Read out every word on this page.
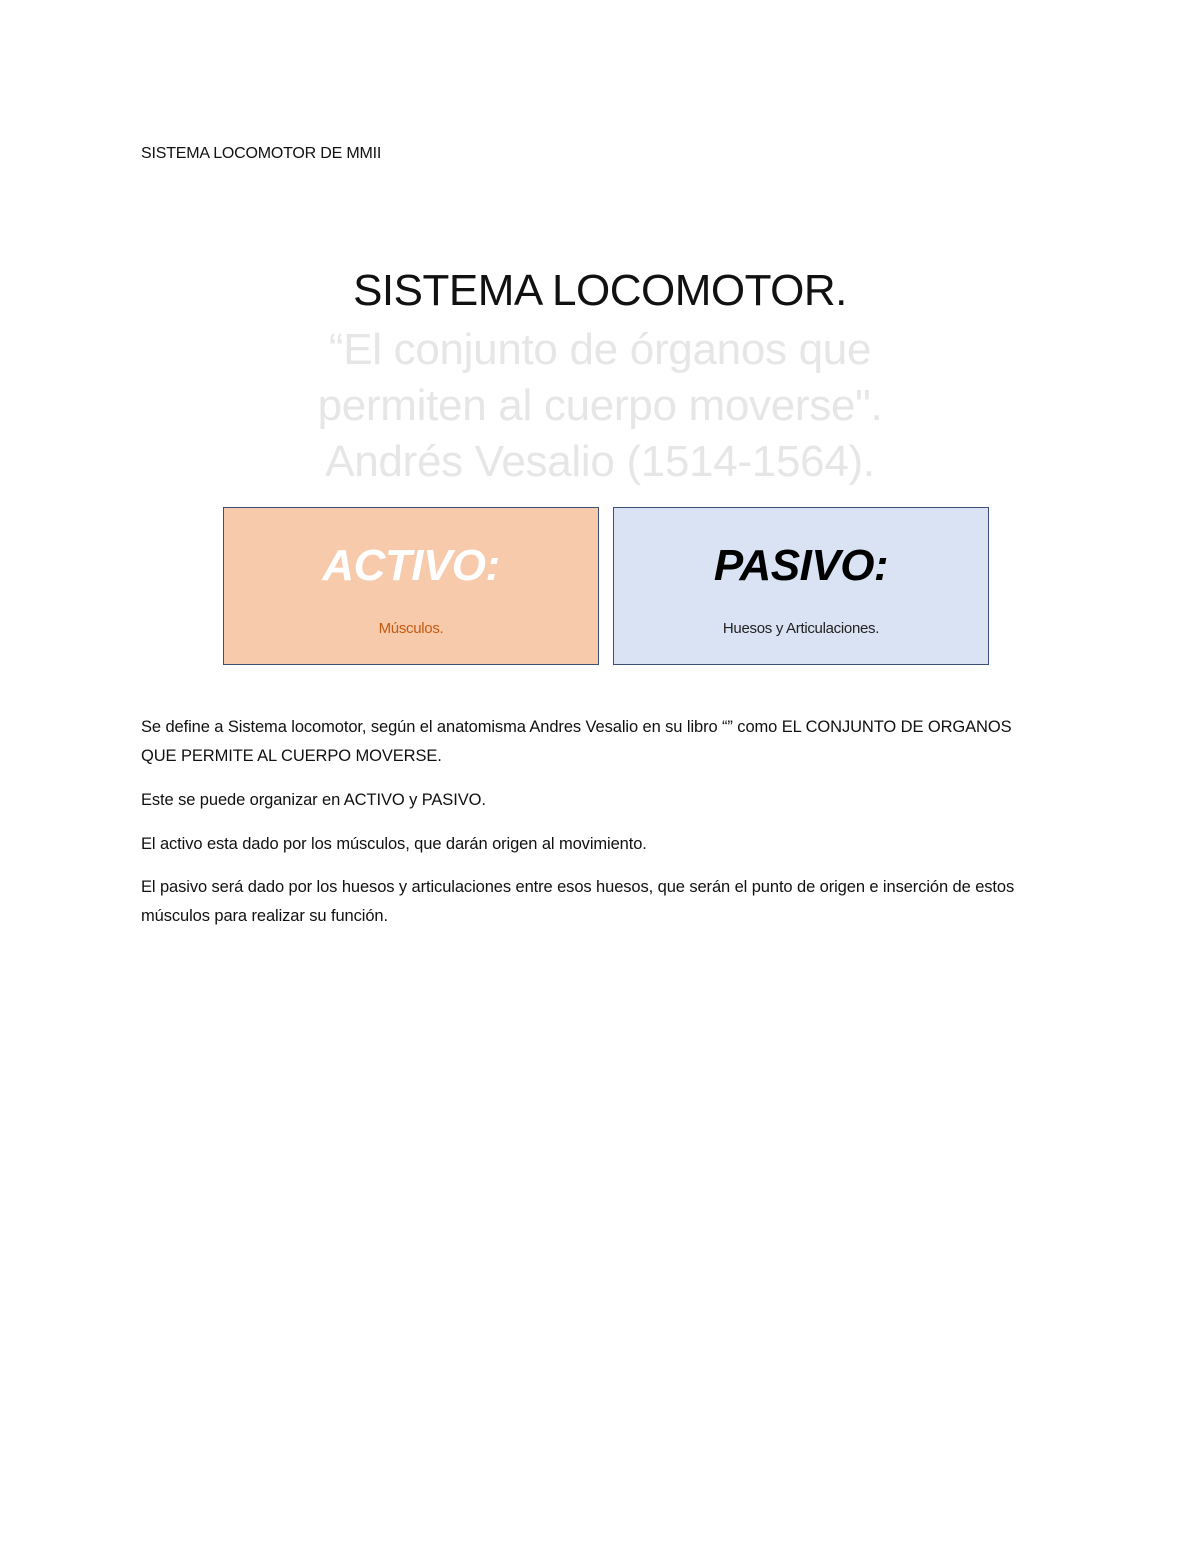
SISTEMA LOCOMOTOR DE MMII
SISTEMA LOCOMOTOR.
“El conjunto de órganos que
permiten al cuerpo moverse".
Andrés Vesalio (1514-1564).
ACTIVO:
Músculos.
PASIVO:
Huesos y Articulaciones.

Se define a Sistema locomotor, según el anatomisma Andres Vesalio en su libro “” como EL CONJUNTO DE ORGANOS QUE PERMITE AL CUERPO MOVERSE.

Este se puede organizar en ACTIVO y PASIVO.

El activo esta dado por los músculos, que darán origen al movimiento.

El pasivo será dado por los huesos y articulaciones entre esos huesos, que serán el punto de origen e inserción de estos músculos para realizar su función.
